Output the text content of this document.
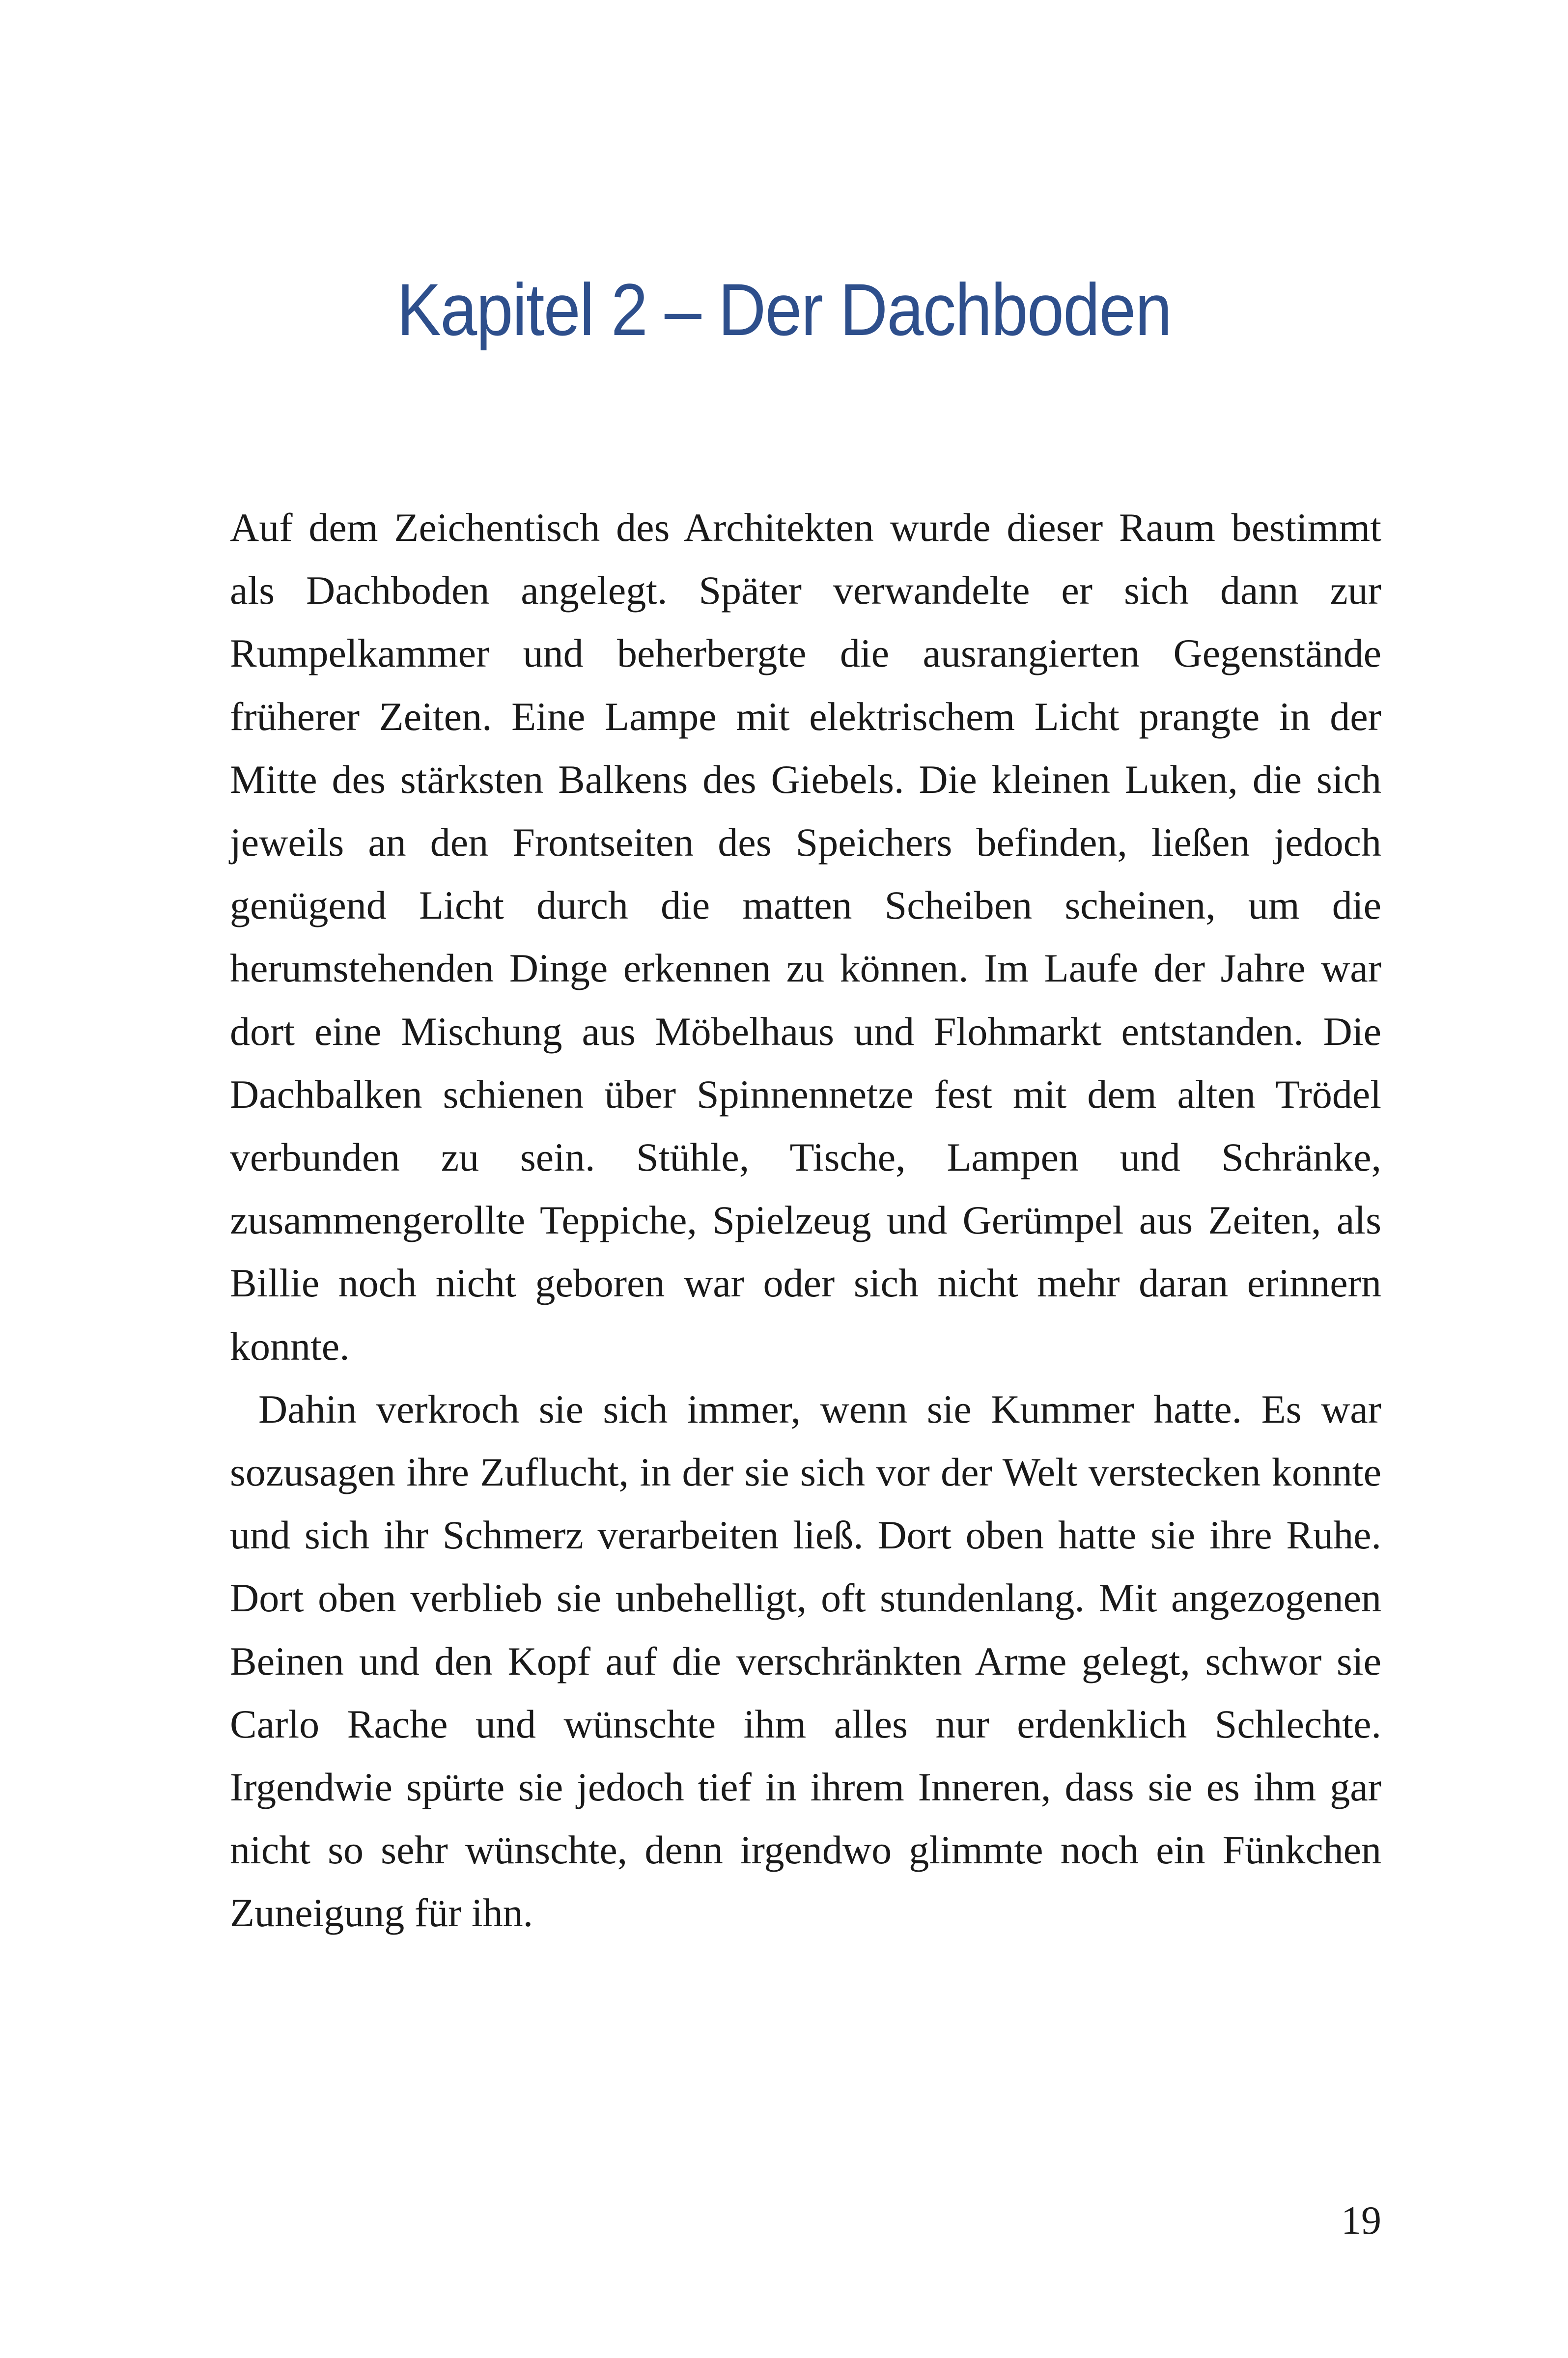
Kapitel 2 – Der Dachboden

Auf dem Zeichentisch des Architekten wurde dieser Raum bestimmt als Dachboden angelegt. Später verwandelte er sich dann zur Rumpelkammer und beherbergte die ausrangierten Gegenstände früherer Zeiten. Eine Lampe mit elektrischem Licht prangte in der Mitte des stärksten Balkens des Giebels. Die kleinen Luken, die sich jeweils an den Frontseiten des Speichers befinden, ließen jedoch genügend Licht durch die matten Scheiben scheinen, um die herumstehenden Dinge erkennen zu können. Im Laufe der Jahre war dort eine Mischung aus Möbelhaus und Flohmarkt entstanden. Die Dachbalken schienen über Spinnennetze fest mit dem alten Trödel verbunden zu sein. Stühle, Tische, Lampen und Schränke, zusammengerollte Teppiche, Spielzeug und Gerümpel aus Zeiten, als Billie noch nicht geboren war oder sich nicht mehr daran erinnern konnte.

Dahin verkroch sie sich immer, wenn sie Kummer hatte. Es war sozusagen ihre Zuflucht, in der sie sich vor der Welt verstecken konnte und sich ihr Schmerz verarbeiten ließ. Dort oben hatte sie ihre Ruhe. Dort oben verblieb sie unbehelligt, oft stundenlang. Mit angezogenen Beinen und den Kopf auf die verschränkten Arme gelegt, schwor sie Carlo Rache und wünschte ihm alles nur erdenklich Schlechte. Irgendwie spürte sie jedoch tief in ihrem Inneren, dass sie es ihm gar nicht so sehr wünschte, denn irgendwo glimmte noch ein Fünkchen Zuneigung für ihn.

19
